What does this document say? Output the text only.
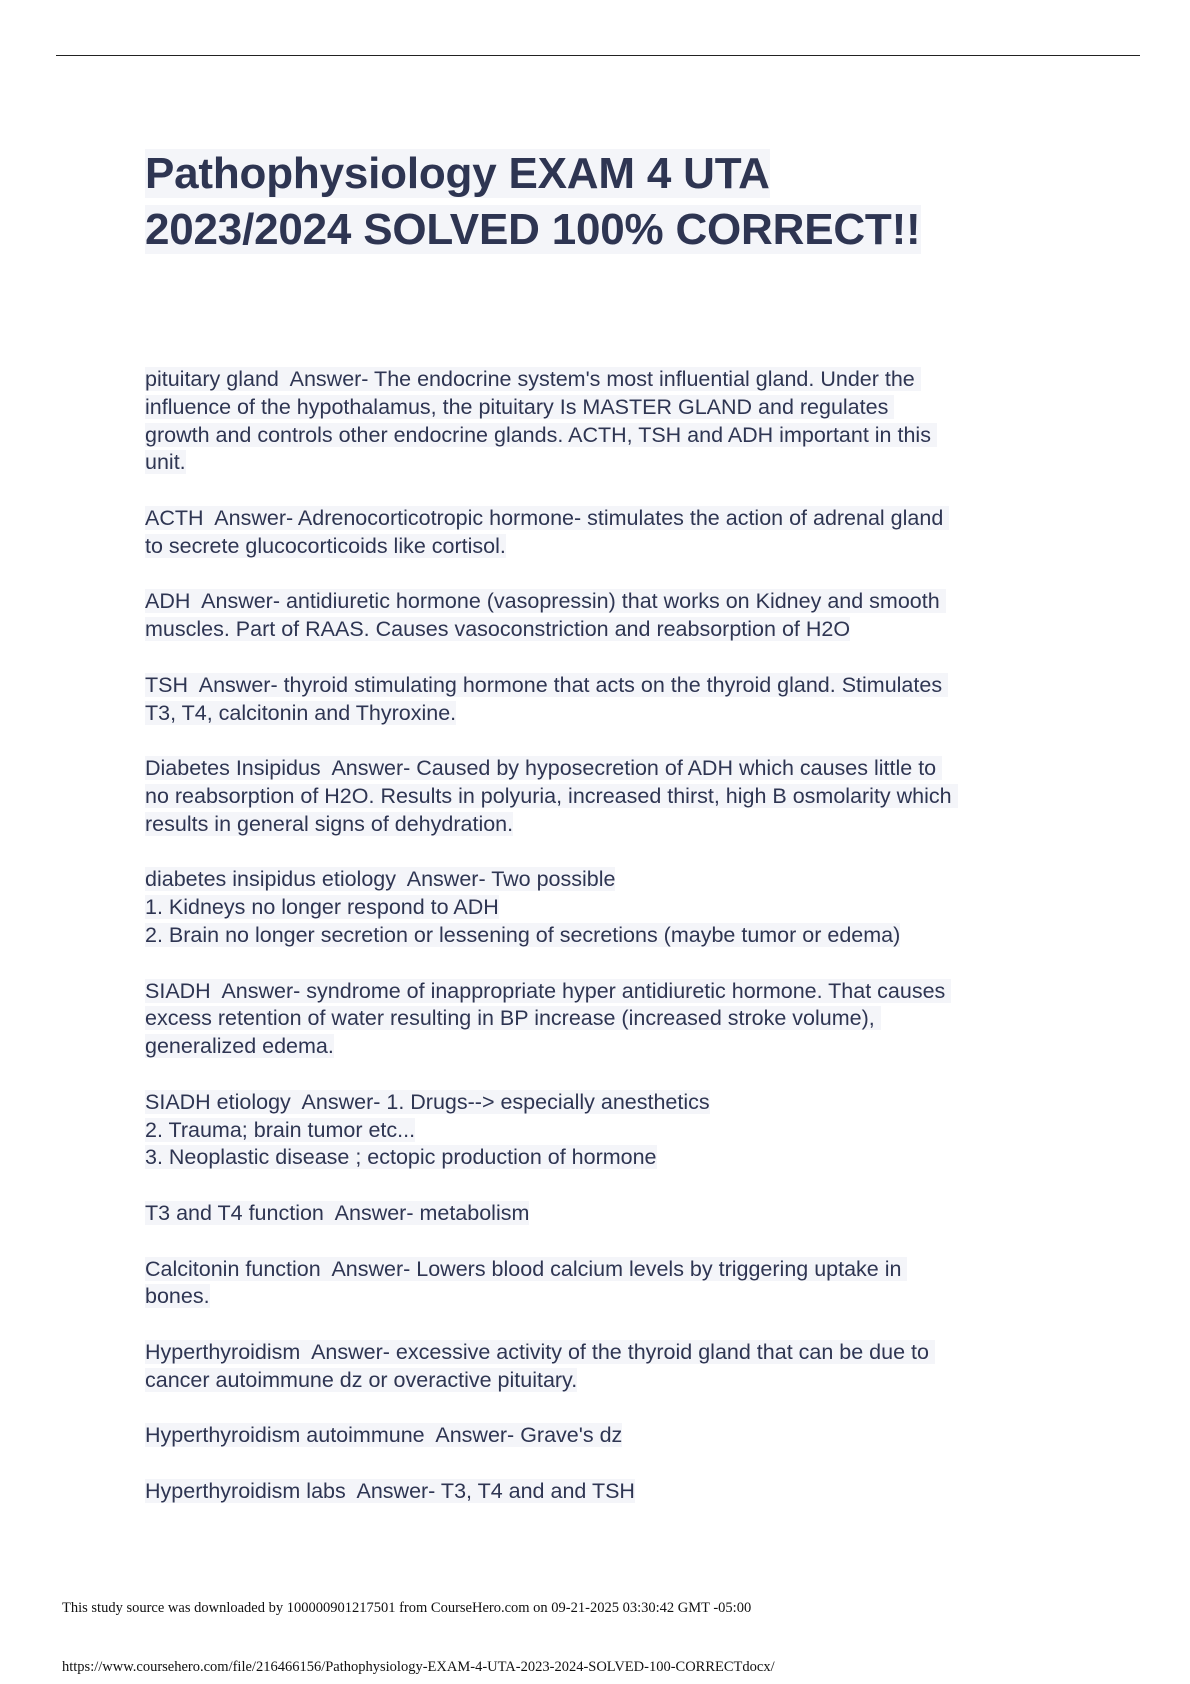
Pathophysiology EXAM 4 UTA
2023/2024 SOLVED 100% CORRECT!!
pituitary gland  Answer- The endocrine system's most influential gland. Under the
influence of the hypothalamus, the pituitary Is MASTER GLAND and regulates
growth and controls other endocrine glands. ACTH, TSH and ADH important in this
unit.
ACTH  Answer- Adrenocorticotropic hormone- stimulates the action of adrenal gland
to secrete glucocorticoids like cortisol.
ADH  Answer- antidiuretic hormone (vasopressin) that works on Kidney and smooth
muscles. Part of RAAS. Causes vasoconstriction and reabsorption of H2O
TSH  Answer- thyroid stimulating hormone that acts on the thyroid gland. Stimulates
T3, T4, calcitonin and Thyroxine.
Diabetes Insipidus  Answer- Caused by hyposecretion of ADH which causes little to
no reabsorption of H2O. Results in polyuria, increased thirst, high B osmolarity which
results in general signs of dehydration.
diabetes insipidus etiology  Answer- Two possible
1. Kidneys no longer respond to ADH
2. Brain no longer secretion or lessening of secretions (maybe tumor or edema)
SIADH  Answer- syndrome of inappropriate hyper antidiuretic hormone. That causes
excess retention of water resulting in BP increase (increased stroke volume),
generalized edema.
SIADH etiology  Answer- 1. Drugs--> especially anesthetics
2. Trauma; brain tumor etc...
3. Neoplastic disease ; ectopic production of hormone
T3 and T4 function  Answer- metabolism
Calcitonin function  Answer- Lowers blood calcium levels by triggering uptake in
bones.
Hyperthyroidism  Answer- excessive activity of the thyroid gland that can be due to
cancer autoimmune dz or overactive pituitary.
Hyperthyroidism autoimmune  Answer- Grave's dz
Hyperthyroidism labs  Answer- T3, T4 and and TSH
This study source was downloaded by 100000901217501 from CourseHero.com on 09-21-2025 03:30:42 GMT -05:00
https://www.coursehero.com/file/216466156/Pathophysiology-EXAM-4-UTA-2023-2024-SOLVED-100-CORRECTdocx/
